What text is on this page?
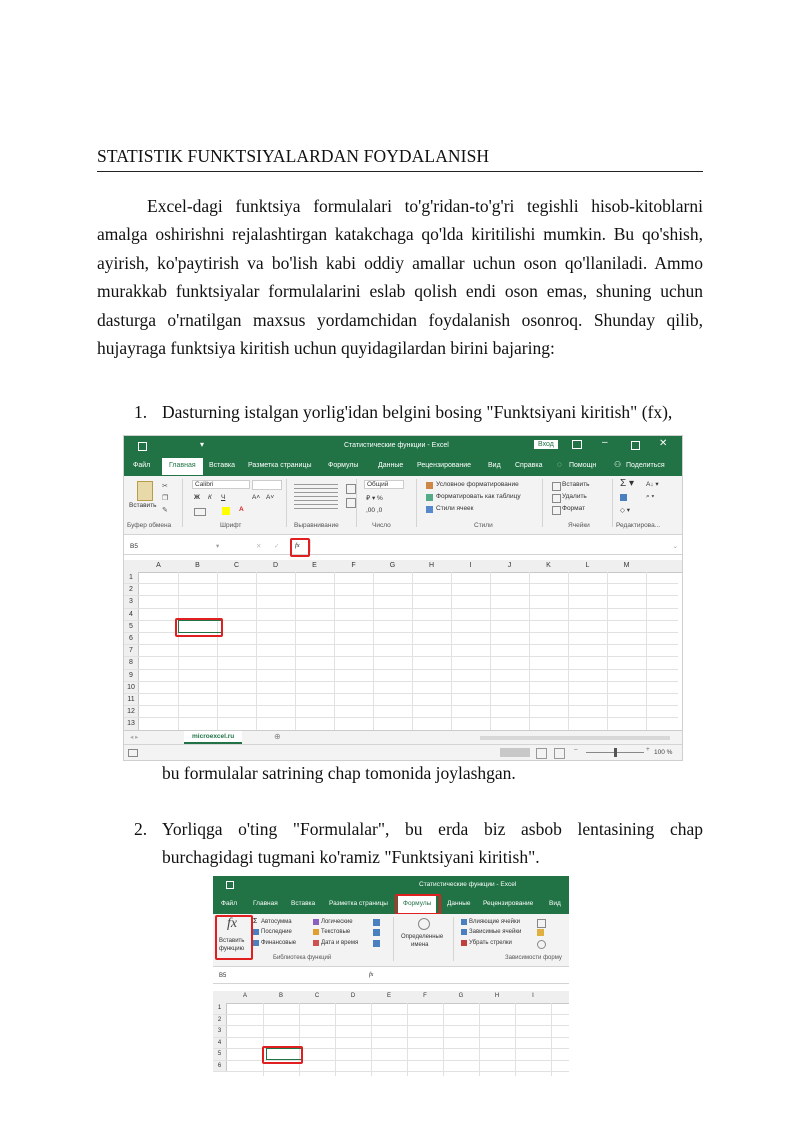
STATISTIK FUNKTSIYALARDAN FOYDALANISH

Excel-dagi funktsiya formulalari to'g'ridan-to'g'ri tegishli hisob-kitoblarni amalga oshirishni rejalashtirgan katakchaga qo'lda kiritilishi mumkin. Bu qo'shish, ayirish, ko'paytirish va bo'lish kabi oddiy amallar uchun oson qo'llaniladi. Ammo murakkab funktsiyalar formulalarini eslab qolish endi oson emas, shuning uchun dasturga o'rnatilgan maxsus yordamchidan foydalanish osonroq. Shunday qilib, hujayraga funktsiya kiritish uchun quyidagilardan birini bajaring:

1. Dasturning istalgan yorlig'idan belgini bosing "Funktsiyani kiritish" (fx),
▾	Статистические функции - Excel	Вход	–	✕
Файл	Главная	Вставка Разметка страницы Формулы	Данные Рецензирование Вид Справка ◌ Помощн ⚇ Поделиться
Вставить
✂
❐
✎
Calibri
Ж К Ч	A˄ A˅
A
Общий
₽ ▾ %
,00 ,0
Условное форматирование
Форматировать как таблицу
Стили ячеек
Вставить
Удалить
Формат
Σ ▾ A↓ ▾
⌕ ▾
◇ ▾
Буфер обмена	Шрифт	Выравнивание	Число	Стили	Ячейки	Редактирова...
B5	▾	✕ ✓ fx	⌄
A	B	C	D	E	F	G	H	I	J	K	L	M
1
2
3
4
5
6
7
8
9
10
11
12
13
◂ ▸	microexcel.ru	⊕
–	+ 100 %
bu formulalar satrining chap tomonida joylashgan.
2. Yorliqga o'ting "Formulalar", bu erda biz asbob lentasining chap
burchagidagi tugmani ko'ramiz "Funktsiyani kiritish".
Статистические функции - Excel
Файл Главная Вставка Разметка страницы	Формулы	Данные Рецензирование Вид
fx
Вставить
функцию
Σ Автосумма
Последние
Финансовые
Логические
Текстовые
Дата и время
Определенные
имена
Влияющие ячейки
Зависимые ячейки
Убрать стрелки
Библиотека функций	Зависимости форму
B5	fx
A	B	C	D	E	F	G	H	I
1
2
3
4
5
6
